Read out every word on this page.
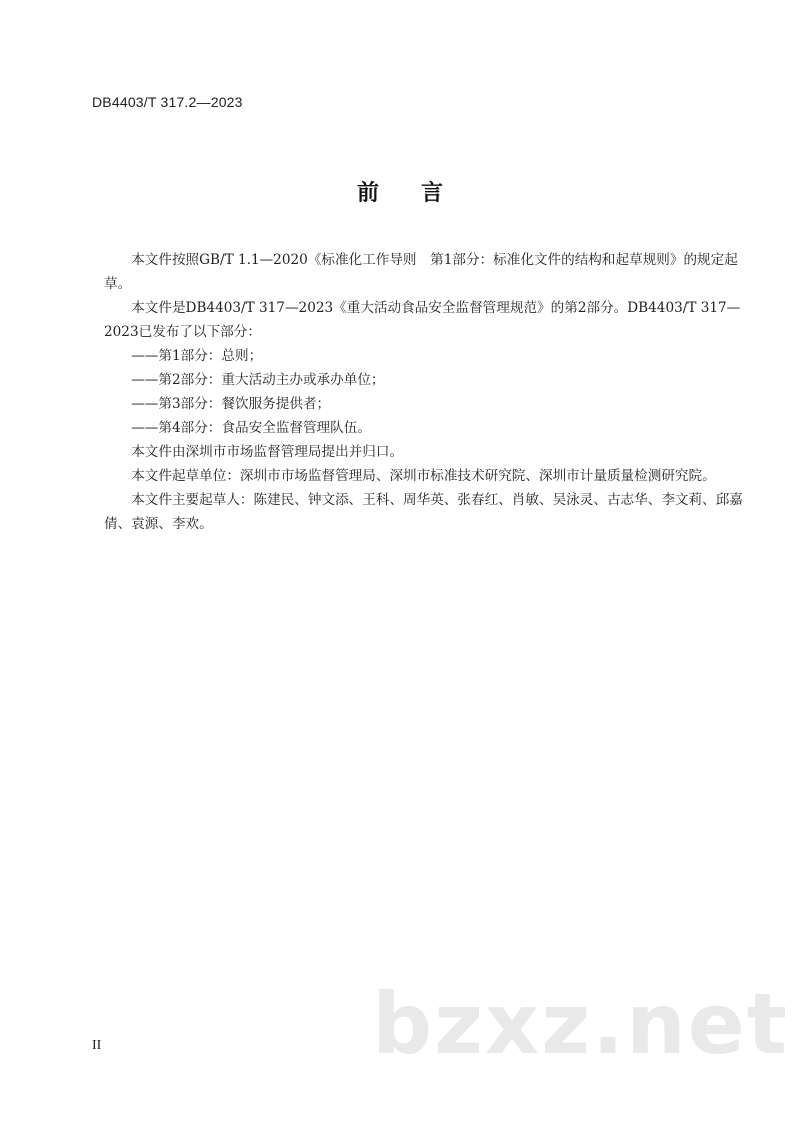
DB4403/T 317.2—2023
前 言

本文件按照GB/T 1.1—2020《标准化工作导则　第1部分：标准化文件的结构和起草规则》的规定起草。

本文件是DB4403/T 317—2023《重大活动食品安全监督管理规范》的第2部分。DB4403/T 317—2023已发布了以下部分：

——第1部分：总则；

——第2部分：重大活动主办或承办单位；

——第3部分：餐饮服务提供者；

——第4部分：食品安全监督管理队伍。

本文件由深圳市市场监督管理局提出并归口。

本文件起草单位：深圳市市场监督管理局、深圳市标准技术研究院、深圳市计量质量检测研究院。

本文件主要起草人：陈建民、钟文添、王科、周华英、张春红、肖敏、吴泳灵、古志华、李文莉、邱嘉倩、袁源、李欢。

bzxz.net
II
